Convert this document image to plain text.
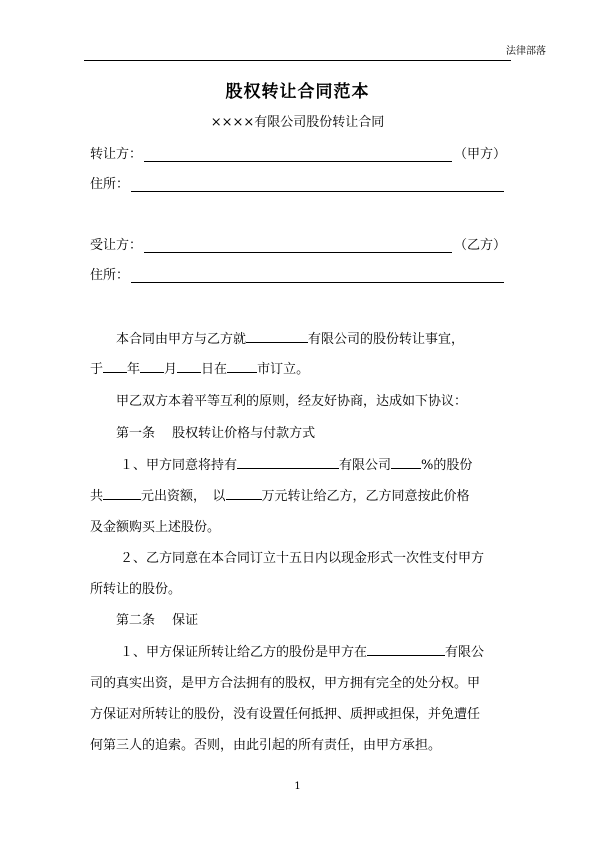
法律部落
股权转让合同范本
××××有限公司股份转让合同
转让方：	（甲方）
住所：
受让方：	（乙方）
住所：
本合同由甲方与乙方就	有限公司的股份转让事宜，
于 年 月 日在 市订立。
甲乙双方本着平等互利的原则，经友好协商，达成如下协议：
第一条　 股权转让价格与付款方式
１、甲方同意将持有	有限公司 %的股份
共	元出资额，　以	万元转让给乙方，乙方同意按此价格
及金额购买上述股份。
２、乙方同意在本合同订立十五日内以现金形式一次性支付甲方
所转让的股份。
第二条　 保证
１、甲方保证所转让给乙方的股份是甲方在	有限公
司的真实出资，是甲方合法拥有的股权，甲方拥有完全的处分权。甲
方保证对所转让的股份，没有设置任何抵押、质押或担保，并免遭任
何第三人的追索。否则，由此引起的所有责任，由甲方承担。
1
